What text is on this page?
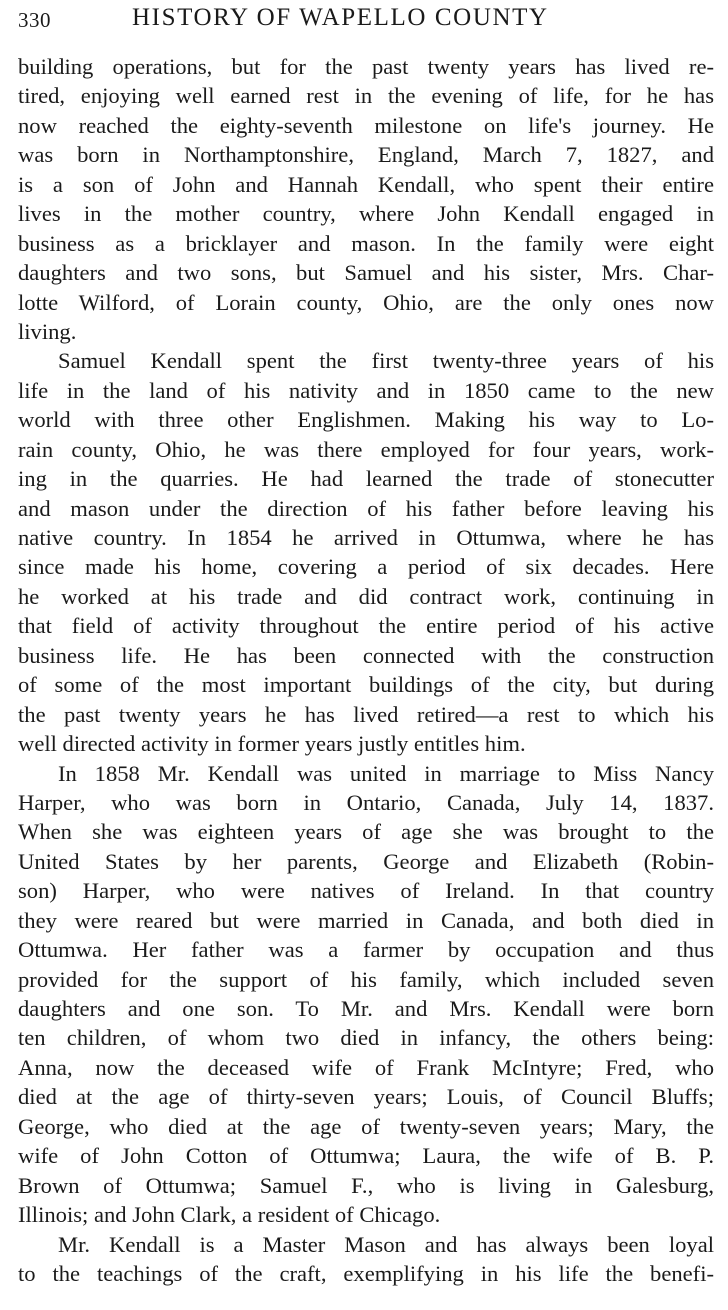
330	HISTORY OF WAPELLO COUNTY
building operations, but for the past twenty years has lived re-
tired, enjoying well earned rest in the evening of life, for he has
now reached the eighty-seventh milestone on life's journey. He
was born in Northamptonshire, England, March 7, 1827, and
is a son of John and Hannah Kendall, who spent their entire
lives in the mother country, where John Kendall engaged in
business as a bricklayer and mason. In the family were eight
daughters and two sons, but Samuel and his sister, Mrs. Char-
lotte Wilford, of Lorain county, Ohio, are the only ones now
living.
Samuel Kendall spent the first twenty-three years of his
life in the land of his nativity and in 1850 came to the new
world with three other Englishmen. Making his way to Lo-
rain county, Ohio, he was there employed for four years, work-
ing in the quarries. He had learned the trade of stonecutter
and mason under the direction of his father before leaving his
native country. In 1854 he arrived in Ottumwa, where he has
since made his home, covering a period of six decades. Here
he worked at his trade and did contract work, continuing in
that field of activity throughout the entire period of his active
business life. He has been connected with the construction
of some of the most important buildings of the city, but during
the past twenty years he has lived retired—a rest to which his
well directed activity in former years justly entitles him.
In 1858 Mr. Kendall was united in marriage to Miss Nancy
Harper, who was born in Ontario, Canada, July 14, 1837.
When she was eighteen years of age she was brought to the
United States by her parents, George and Elizabeth (Robin-
son) Harper, who were natives of Ireland. In that country
they were reared but were married in Canada, and both died in
Ottumwa. Her father was a farmer by occupation and thus
provided for the support of his family, which included seven
daughters and one son. To Mr. and Mrs. Kendall were born
ten children, of whom two died in infancy, the others being:
Anna, now the deceased wife of Frank McIntyre; Fred, who
died at the age of thirty-seven years; Louis, of Council Bluffs;
George, who died at the age of twenty-seven years; Mary, the
wife of John Cotton of Ottumwa; Laura, the wife of B. P.
Brown of Ottumwa; Samuel F., who is living in Galesburg,
Illinois; and John Clark, a resident of Chicago.
Mr. Kendall is a Master Mason and has always been loyal
to the teachings of the craft, exemplifying in his life the benefi-
